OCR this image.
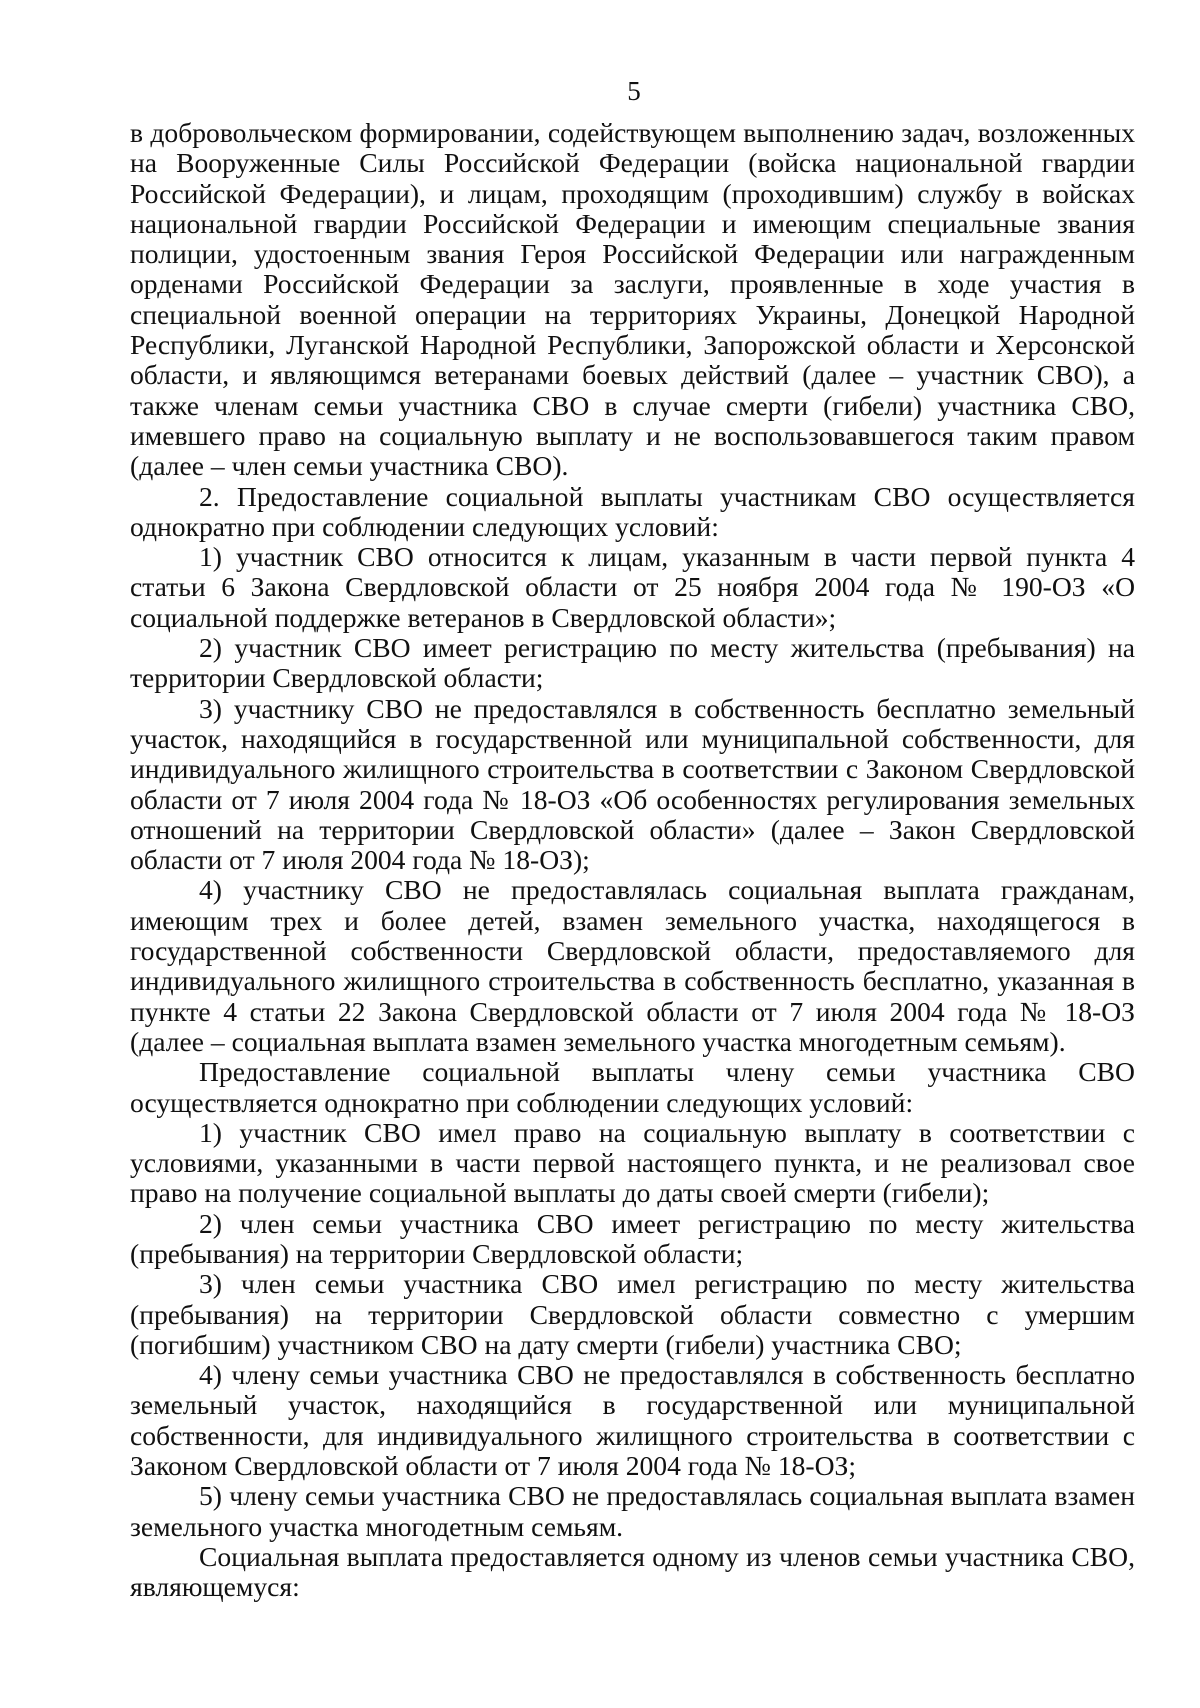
5

в добровольческом формировании, содействующем выполнению задач, возложенных на Вооруженные Силы Российской Федерации (войска национальной гвардии Российской Федерации), и лицам, проходящим (проходившим) службу в войсках национальной гвардии Российской Федерации и имеющим специальные звания полиции, удостоенным звания Героя Российской Федерации или награжденным орденами Российской Федерации за заслуги, проявленные в ходе участия в специальной военной операции на территориях Украины, Донецкой Народной Республики, Луганской Народной Республики, Запорожской области и Херсонской области, и являющимся ветеранами боевых действий (далее – участник СВО), а также членам семьи участника СВО в случае смерти (гибели) участника СВО, имевшего право на социальную выплату и не воспользовавшегося таким правом (далее – член семьи участника СВО).

2. Предоставление социальной выплаты участникам СВО осуществляется однократно при соблюдении следующих условий:

1) участник СВО относится к лицам, указанным в части первой пункта 4 статьи 6 Закона Свердловской области от 25 ноября 2004 года № 190-ОЗ «О социальной поддержке ветеранов в Свердловской области»;

2) участник СВО имеет регистрацию по месту жительства (пребывания) на территории Свердловской области;

3) участнику СВО не предоставлялся в собственность бесплатно земельный участок, находящийся в государственной или муниципальной собственности, для индивидуального жилищного строительства в соответствии с Законом Свердловской области от 7 июля 2004 года № 18-ОЗ «Об особенностях регулирования земельных отношений на территории Свердловской области» (далее – Закон Свердловской области от 7 июля 2004 года № 18-ОЗ);

4) участнику СВО не предоставлялась социальная выплата гражданам, имеющим трех и более детей, взамен земельного участка, находящегося в государственной собственности Свердловской области, предоставляемого для индивидуального жилищного строительства в собственность бесплатно, указанная в пункте 4 статьи 22 Закона Свердловской области от 7 июля 2004 года № 18-ОЗ (далее – социальная выплата взамен земельного участка многодетным семьям).

Предоставление социальной выплаты члену семьи участника СВО осуществляется однократно при соблюдении следующих условий:

1) участник СВО имел право на социальную выплату в соответствии с условиями, указанными в части первой настоящего пункта, и не реализовал свое право на получение социальной выплаты до даты своей смерти (гибели);

2) член семьи участника СВО имеет регистрацию по месту жительства (пребывания) на территории Свердловской области;

3) член семьи участника СВО имел регистрацию по месту жительства (пребывания) на территории Свердловской области совместно с умершим (погибшим) участником СВО на дату смерти (гибели) участника СВО;

4) члену семьи участника СВО не предоставлялся в собственность бесплатно земельный участок, находящийся в государственной или муниципальной собственности, для индивидуального жилищного строительства в соответствии с Законом Свердловской области от 7 июля 2004 года № 18-ОЗ;

5) члену семьи участника СВО не предоставлялась социальная выплата взамен земельного участка многодетным семьям.

Социальная выплата предоставляется одному из членов семьи участника СВО, являющемуся:
